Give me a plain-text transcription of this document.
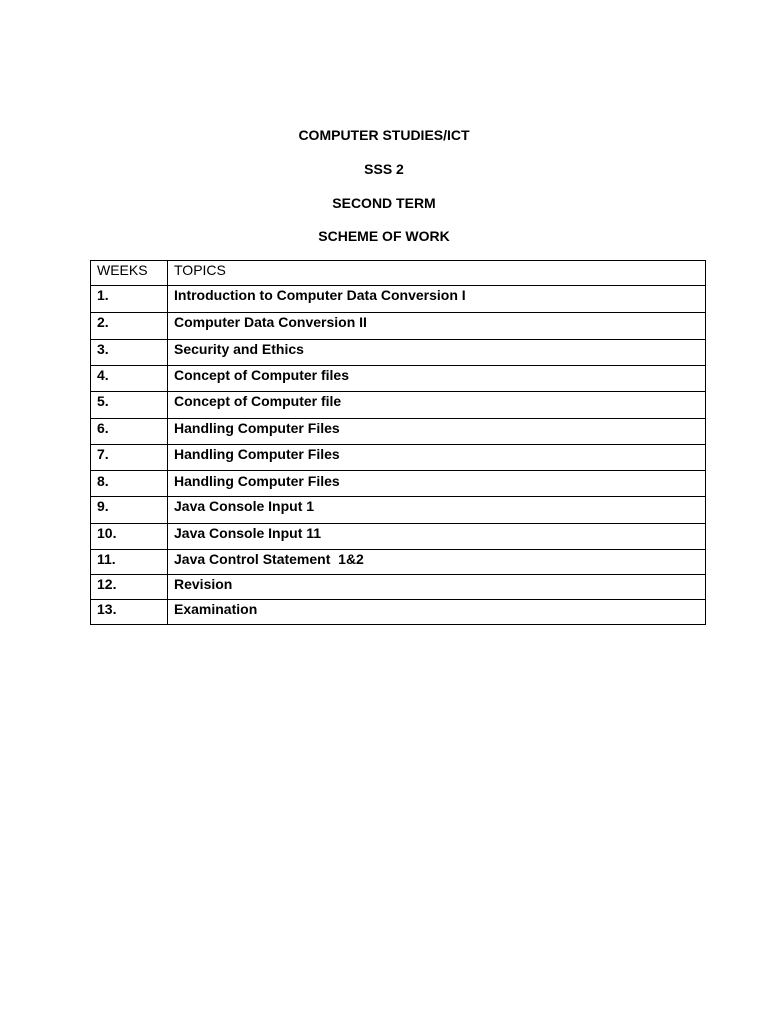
COMPUTER STUDIES/ICT
SSS 2
SECOND TERM
SCHEME OF WORK
WEEKS	TOPICS

1.	Introduction to Computer Data Conversion I

2.	Computer Data Conversion II

3.	Security and Ethics

4.	Concept of Computer files

5.	Concept of Computer file

6.	Handling Computer Files

7.	Handling Computer Files

8.	Handling Computer Files

9.	Java Console Input 1

10.	Java Console Input 11

11.	Java Control Statement  1&2

12.	Revision

13.	Examination
